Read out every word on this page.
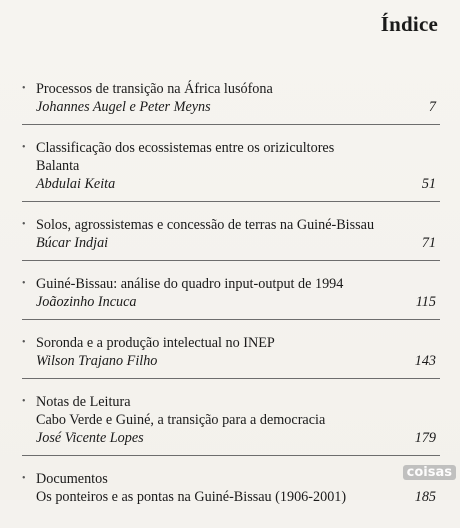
Índice
• Processos de transição na África lusófona
Johannes Augel e Peter Meyns	7
• Classificação dos ecossistemas entre os orizicultores
Balanta
Abdulai Keita	51
• Solos, agrossistemas e concessão de terras na Guiné-Bissau
Búcar Indjai	71
• Guiné-Bissau: análise do quadro input-output de 1994
Joãozinho Incuca	115
• Soronda e a produção intelectual no INEP
Wilson Trajano Filho	143
• Notas de Leitura
Cabo Verde e Guiné, a transição para a democracia
José Vicente Lopes	179
• Documentos
Os ponteiros e as pontas na Guiné-Bissau (1906-2001)	185
coisas
